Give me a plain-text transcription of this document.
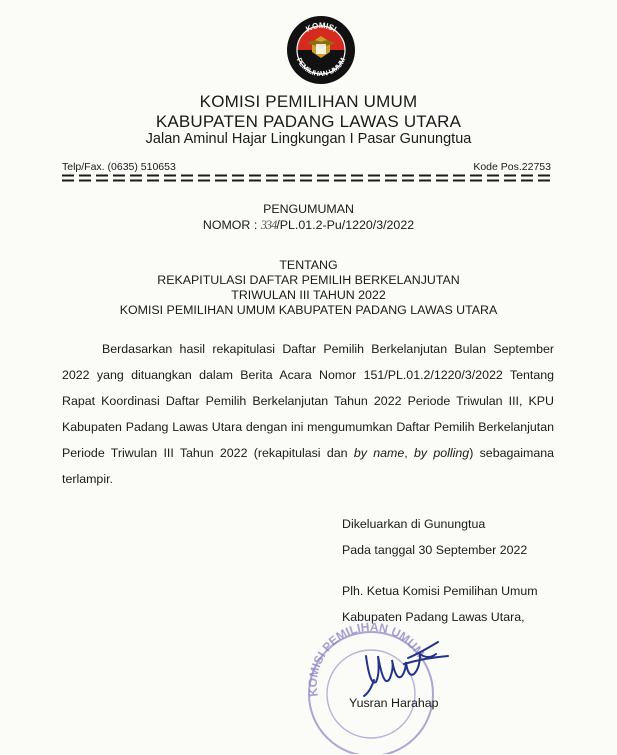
KOMISI
PEMILIHAN UMUM
KOMISI PEMILIHAN UMUM
KABUPATEN PADANG LAWAS UTARA
Jalan Aminul Hajar Lingkungan I Pasar Gunungtua
Telp/Fax. (0635) 510653	Kode Pos.22753
PENGUMUMAN
NOMOR : 334/PL.01.2-Pu/1220/3/2022
TENTANG
REKAPITULASI DAFTAR PEMILIH BERKELANJUTAN
TRIWULAN III TAHUN 2022
KOMISI PEMILIHAN UMUM KABUPATEN PADANG LAWAS UTARA
Berdasarkan hasil rekapitulasi Daftar Pemilih Berkelanjutan Bulan September 2022 yang dituangkan dalam Berita Acara Nomor 151/PL.01.2/1220/3/2022 Tentang Rapat Koordinasi Daftar Pemilih Berkelanjutan Tahun 2022 Periode Triwulan III, KPU Kabupaten Padang Lawas Utara dengan ini mengumumkan Daftar Pemilih Berkelanjutan Periode Triwulan III Tahun 2022 (rekapitulasi dan by name, by polling) sebagaimana terlampir.
Dikeluarkan di Gunungtua
Pada tanggal 30 September 2022
Plh. Ketua Komisi Pemilihan Umum
Kabupaten Padang Lawas Utara,
KOMISI PEMILIHAN UMUM
Yusran Harahap
